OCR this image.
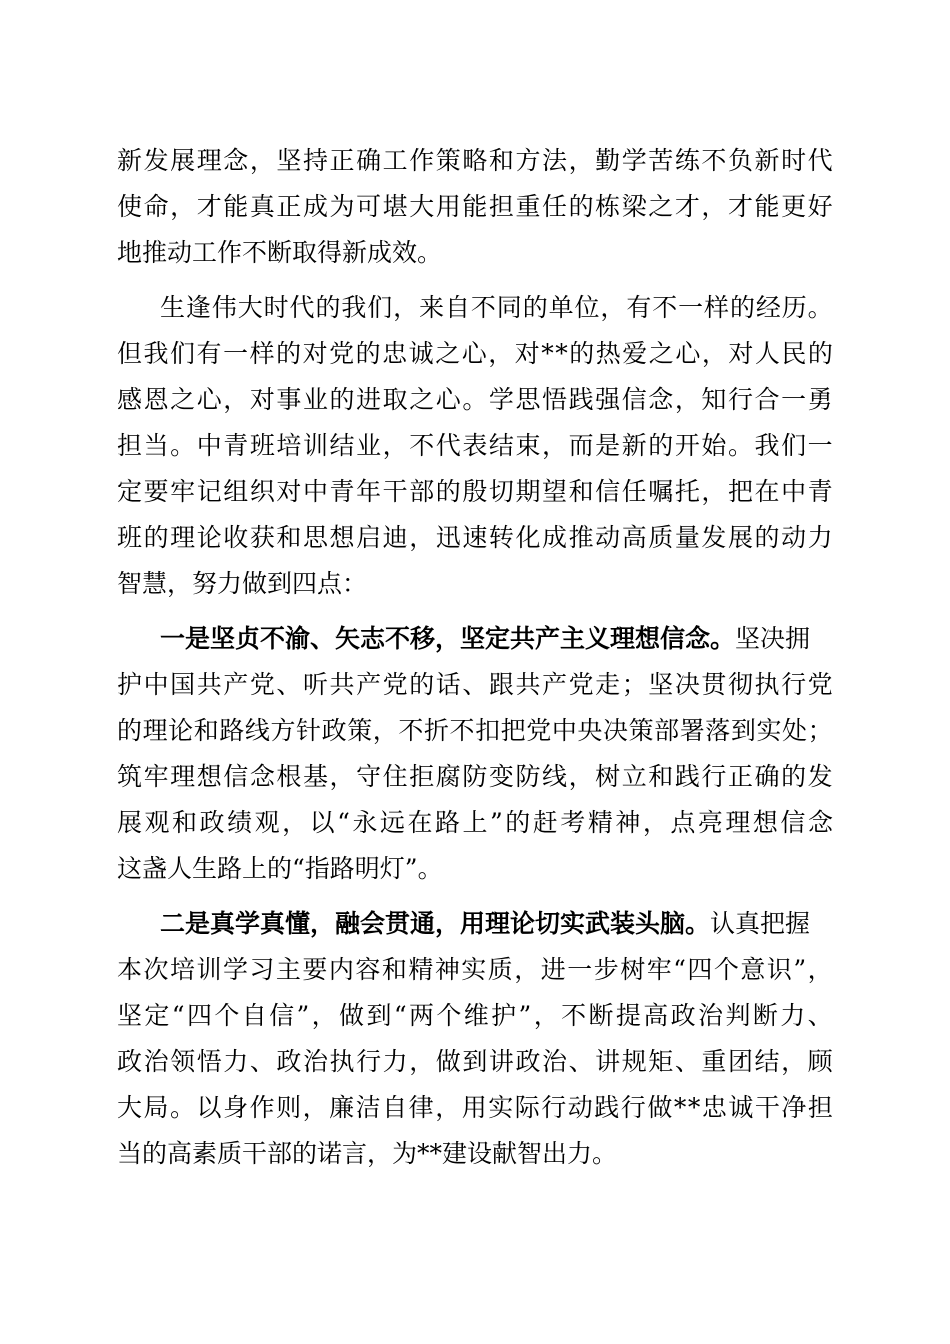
新 发 展 理 念 ， 坚 持 正 确 工 作 策 略 和 方 法 ， 勤 学 苦 练 不 负 新 时 代
使 命 ， 才 能 真 正 成 为 可 堪 大 用 能 担 重 任 的 栋 梁 之 才 ， 才 能 更 好
地推动工作不断取得新成效。
生 逢 伟 大 时 代 的 我 们 ， 来 自 不 同 的 单 位 ， 有 不 一 样 的 经 历 。
但 我 们 有 一 样 的 对 党 的 忠 诚 之 心 ， 对 * * 的 热 爱 之 心 ， 对 人 民 的
感 恩 之 心 ， 对 事 业 的 进 取 之 心 。 学 思 悟 践 强 信 念 ， 知 行 合 一 勇
担 当 。 中 青 班 培 训 结 业 ， 不 代 表 结 束 ， 而 是 新 的 开 始 。 我 们 一
定 要 牢 记 组 织 对 中 青 年 干 部 的 殷 切 期 望 和 信 任 嘱 托 ， 把 在 中 青
班 的 理 论 收 获 和 思 想 启 迪 ， 迅 速 转 化 成 推 动 高 质 量 发 展 的 动 力
智慧，努力做到四点：
一是坚贞不渝、矢志不移，坚定共产主义理想信念。 坚决拥
护 中 国 共 产 党 、 听 共 产 党 的 话 、 跟 共 产 党 走 ； 坚 决 贯 彻 执 行 党
的 理 论 和 路 线 方 针 政 策 ， 不 折 不 扣 把 党 中 央 决 策 部 署 落 到 实 处 ；
筑 牢 理 想 信 念 根 基 ， 守 住 拒 腐 防 变 防 线 ， 树 立 和 践 行 正 确 的 发
展 观 和 政 绩 观 ， 以 “ 永 远 在 路 上 ” 的 赶 考 精 神 ， 点 亮 理 想 信 念
这盏人生路上的“指路明灯”。
二是真学真懂，融会贯通，用理论切实武装头脑。 认真把握
本 次 培 训 学 习 主 要 内 容 和 精 神 实 质 ， 进 一 步 树 牢 “ 四 个 意 识 ” ，
坚 定 “ 四 个 自 信 ” ， 做 到 “ 两 个 维 护 ” ， 不 断 提 高 政 治 判 断 力 、
政 治 领 悟 力 、 政 治 执 行 力 ， 做 到 讲 政 治 、 讲 规 矩 、 重 团 结 ， 顾
大 局 。 以 身 作 则 ， 廉 洁 自 律 ， 用 实 际 行 动 践 行 做 * * 忠 诚 干 净 担
当的高素质干部的诺言，为**建设献智出力。
